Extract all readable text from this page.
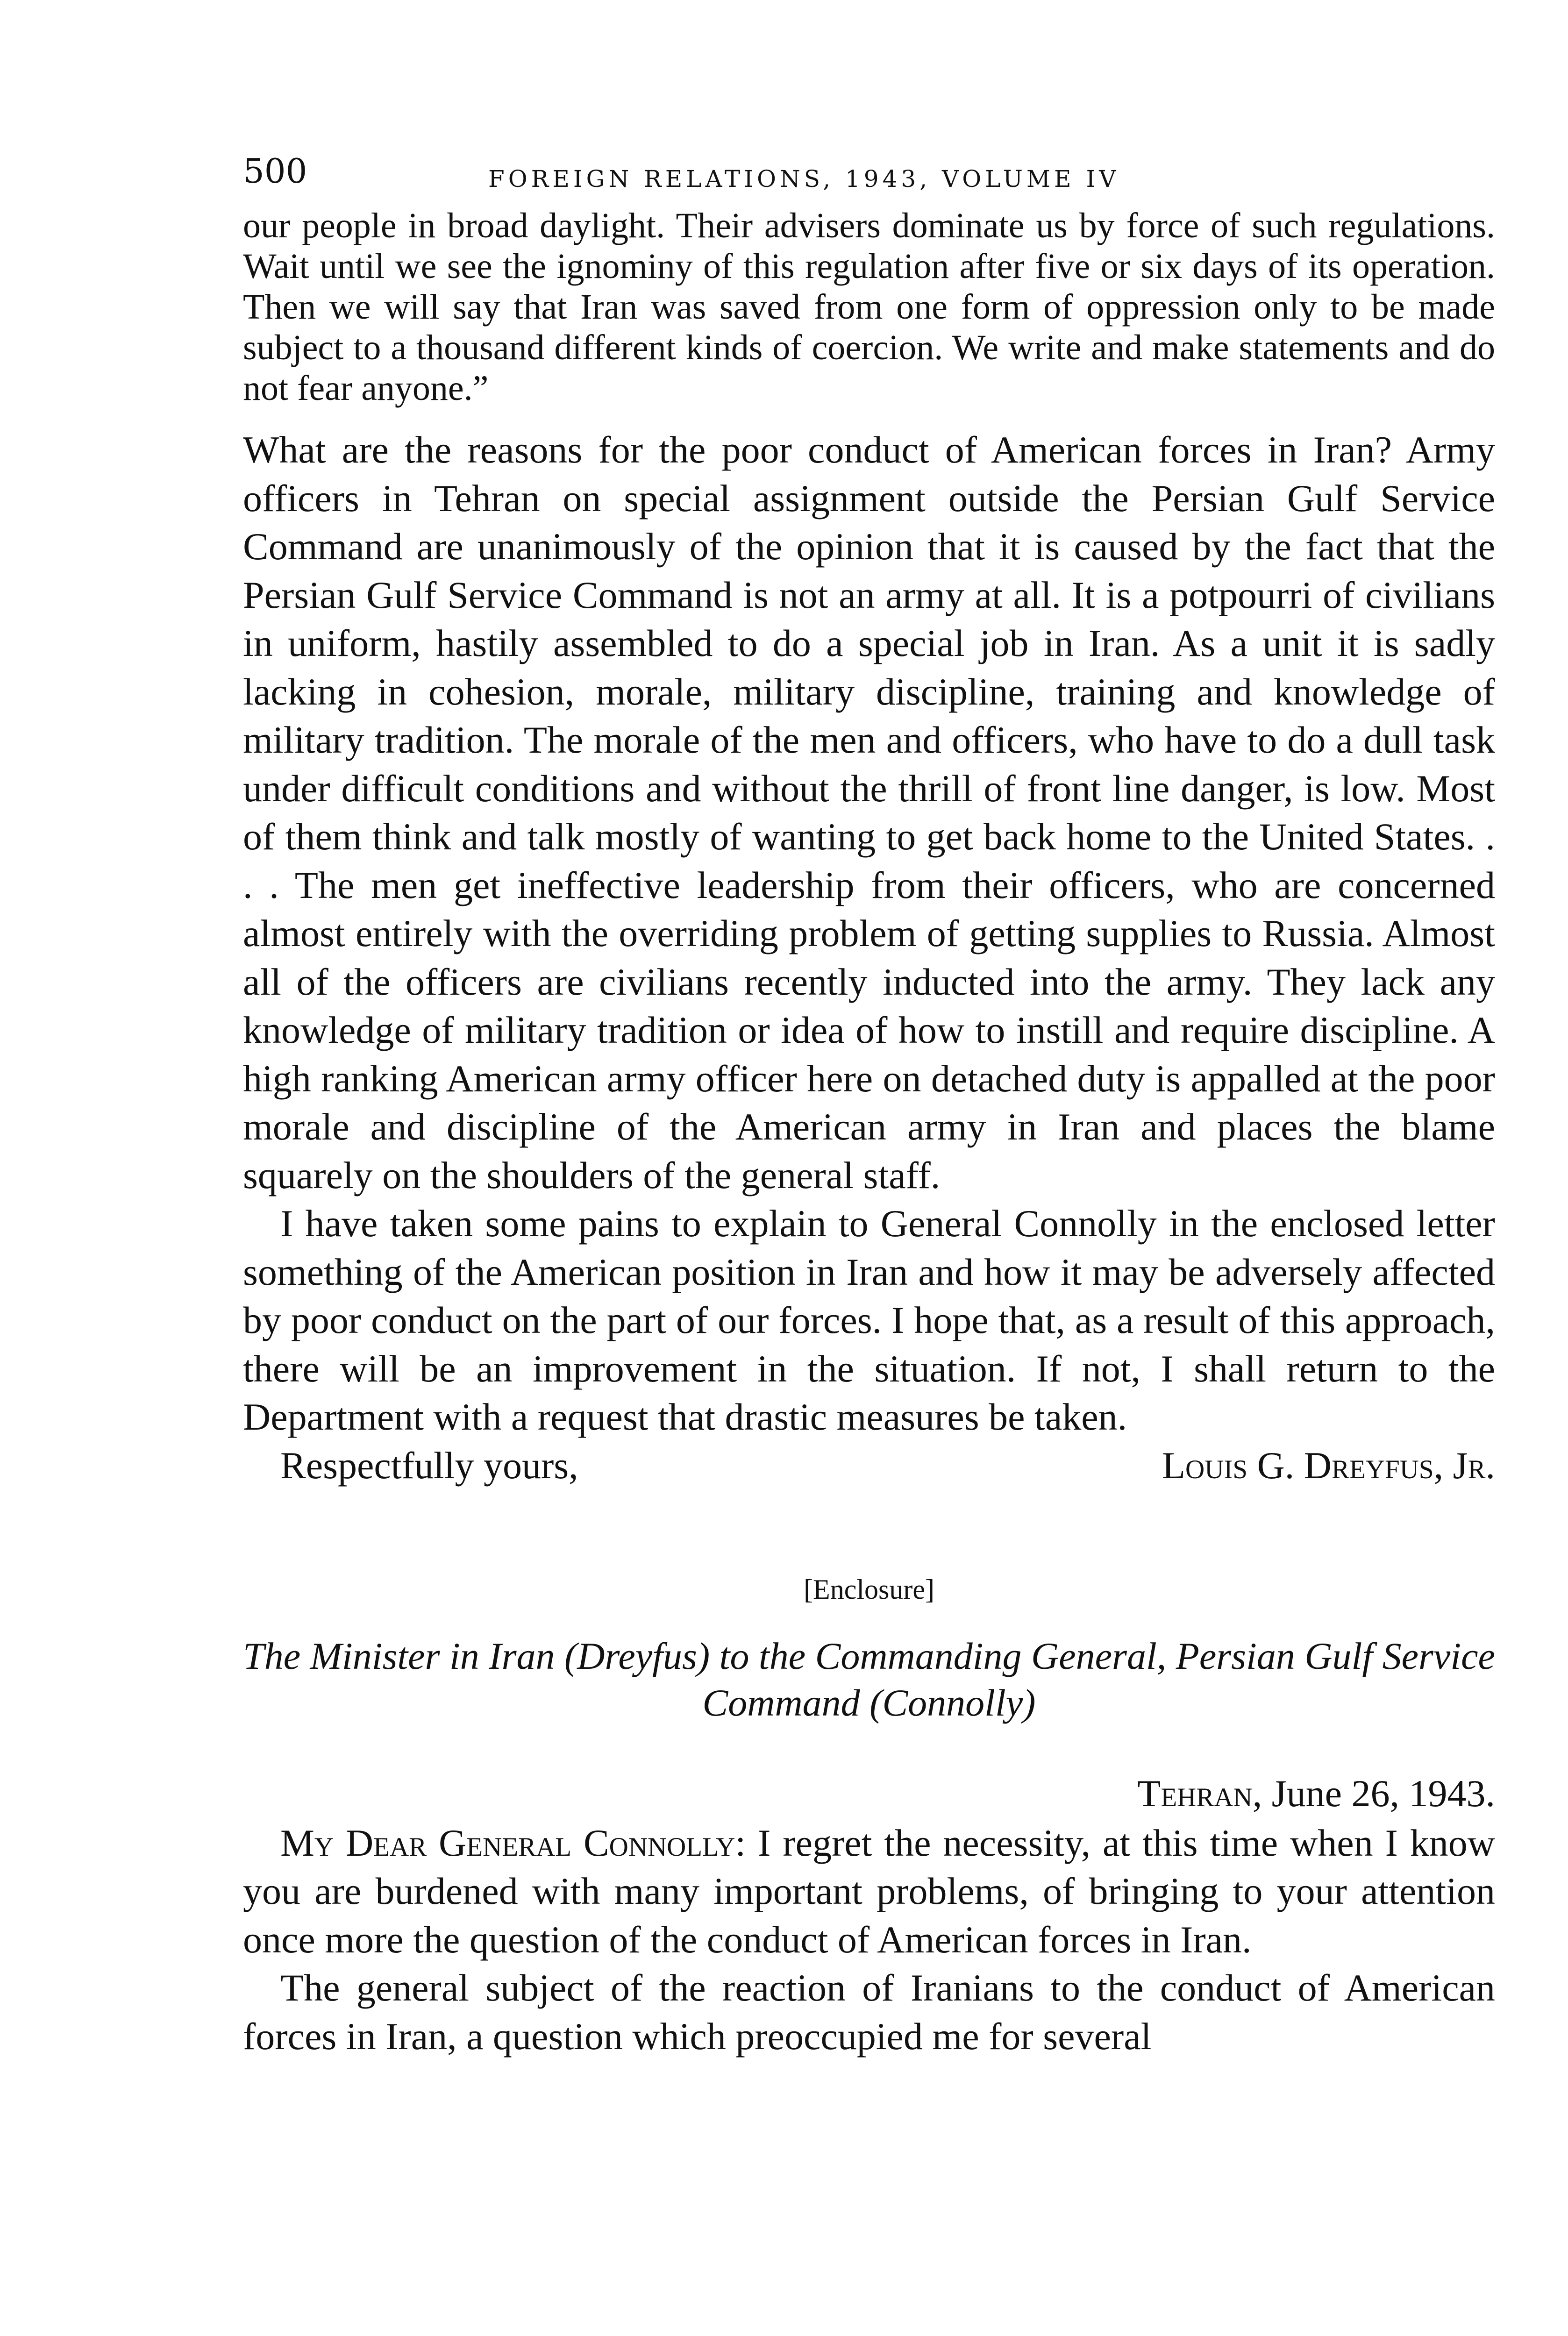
500	FOREIGN RELATIONS, 1943, VOLUME IV

our people in broad daylight. Their advisers dominate us by force of such regulations. Wait until we see the ignominy of this regulation after five or six days of its operation. Then we will say that Iran was saved from one form of oppression only to be made subject to a thousand different kinds of coercion. We write and make statements and do not fear anyone.”

What are the reasons for the poor conduct of American forces in Iran? Army officers in Tehran on special assignment outside the Persian Gulf Service Command are unanimously of the opinion that it is caused by the fact that the Persian Gulf Service Command is not an army at all. It is a potpourri of civilians in uniform, hastily assembled to do a special job in Iran. As a unit it is sadly lacking in cohesion, morale, military discipline, training and knowledge of military tradition. The morale of the men and officers, who have to do a dull task under difficult conditions and without the thrill of front line danger, is low. Most of them think and talk mostly of wanting to get back home to the United States. . . . The men get ineffective leadership from their officers, who are concerned almost entirely with the overriding problem of getting supplies to Russia. Almost all of the officers are civilians recently inducted into the army. They lack any knowledge of military tradition or idea of how to instill and require discipline. A high ranking American army officer here on detached duty is appalled at the poor morale and discipline of the American army in Iran and places the blame squarely on the shoulders of the general staff.

I have taken some pains to explain to General Connolly in the enclosed letter something of the American position in Iran and how it may be adversely affected by poor conduct on the part of our forces. I hope that, as a result of this approach, there will be an improvement in the situation. If not, I shall return to the Department with a request that drastic measures be taken.

Respectfully yours,	Louis G. Dreyfus, Jr.
[Enclosure]
The Minister in Iran (Dreyfus) to the Commanding General, Persian Gulf Service Command (Connolly)
Tehran, June 26, 1943.

My Dear General Connolly: I regret the necessity, at this time when I know you are burdened with many important problems, of bringing to your attention once more the question of the conduct of American forces in Iran.

The general subject of the reaction of Iranians to the conduct of American forces in Iran, a question which preoccupied me for several
